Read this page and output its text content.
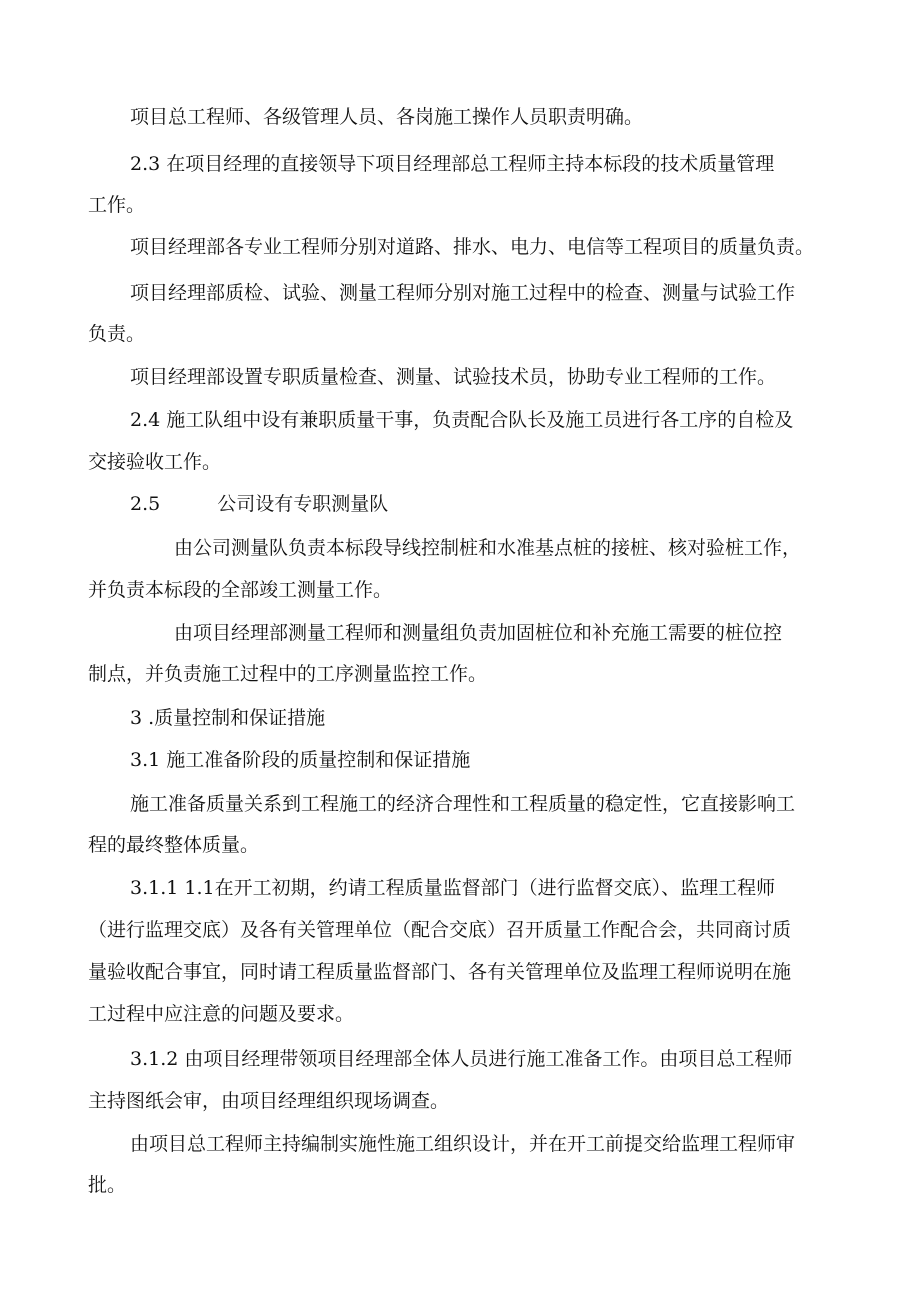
项目总工程师、各级管理人员、各岗施工操作人员职责明确。
2.3 在项目经理的直接领导下项目经理部总工程师主持本标段的技术质量管理
工作。
项目经理部各专业工程师分别对道路、排水、电力、电信等工程项目的质量负责。
项目经理部质检、试验、测量工程师分别对施工过程中的检查、测量与试验工作
负责。
项目经理部设置专职质量检查、测量、试验技术员，协助专业工程师的工作。
2.4 施工队组中设有兼职质量干事，负责配合队长及施工员进行各工序的自检及
交接验收工作。
2.5　　　公司设有专职测量队
由公司测量队负责本标段导线控制桩和水准基点桩的接桩、核对验桩工作，
并负责本标段的全部竣工测量工作。
由项目经理部测量工程师和测量组负责加固桩位和补充施工需要的桩位控
制点，并负责施工过程中的工序测量监控工作。
3 .质量控制和保证措施
3.1 施工准备阶段的质量控制和保证措施
施工准备质量关系到工程施工的经济合理性和工程质量的稳定性，它直接影响工
程的最终整体质量。
3.1.1 1.1在开工初期，约请工程质量监督部门（进行监督交底）、监理工程师
（进行监理交底）及各有关管理单位（配合交底）召开质量工作配合会，共同商讨质
量验收配合事宜，同时请工程质量监督部门、各有关管理单位及监理工程师说明在施
工过程中应注意的问题及要求。
3.1.2 由项目经理带领项目经理部全体人员进行施工准备工作。由项目总工程师
主持图纸会审，由项目经理组织现场调查。
由项目总工程师主持编制实施性施工组织设计，并在开工前提交给监理工程师审
批。
